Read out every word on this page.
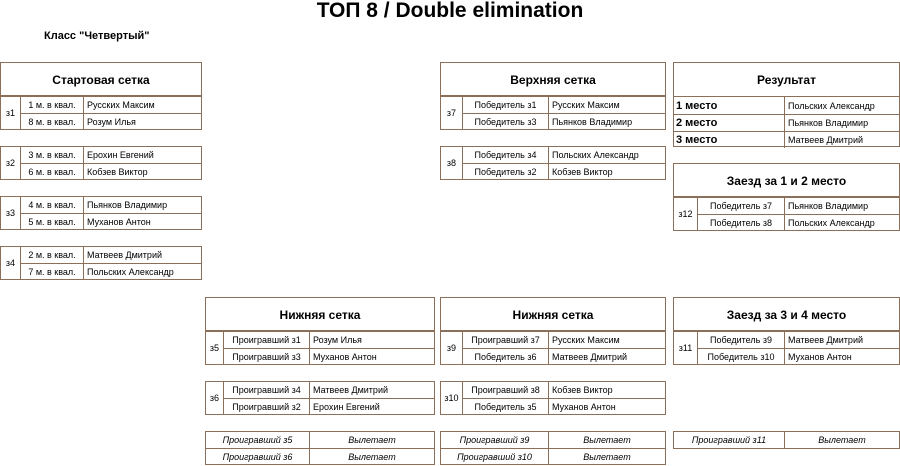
ТОП 8 / Double elimination
Класс "Четвертый"
Стартовая сетка
з1
1 м. в квал.	Русских Максим
8 м. в квал.	Розум Илья
з2
3 м. в квал.	Ерохин Евгений
6 м. в квал.	Кобзев Виктор
з3
4 м. в квал.	Пьянков Владимир
5 м. в квал.	Муханов Антон
з4
2 м. в квал.	Матвеев Дмитрий
7 м. в квал.	Польских Александр
Верхняя сетка
з7
Победитель з1	Русских Максим
Победитель з3	Пьянков Владимир
з8
Победитель з4	Польских Александр
Победитель з2	Кобзев Виктор
Результат
1 место	Польских Александр
2 место	Пьянков Владимир
3 место	Матвеев Дмитрий
Заезд за 1 и 2 место
з12
Победитель з7	Пьянков Владимир
Победитель з8	Польских Александр
Нижняя сетка
з5
Проигравший з1	Розум Илья
Проигравший з3	Муханов Антон
з6
Проигравший з4	Матвеев Дмитрий
Проигравший з2	Ерохин Евгений
Проигравший з5	Вылетает
Проигравший з6	Вылетает
Нижняя сетка
з9
Проигравший з7	Русских Максим
Победитель з6	Матвеев Дмитрий
з10
Проигравший з8	Кобзев Виктор
Победитель з5	Муханов Антон
Проигравший з9	Вылетает
Проигравший з10	Вылетает
Заезд за 3 и 4 место
з11
Победитель з9	Матвеев Дмитрий
Победитель з10	Муханов Антон
Проигравший з11	Вылетает
